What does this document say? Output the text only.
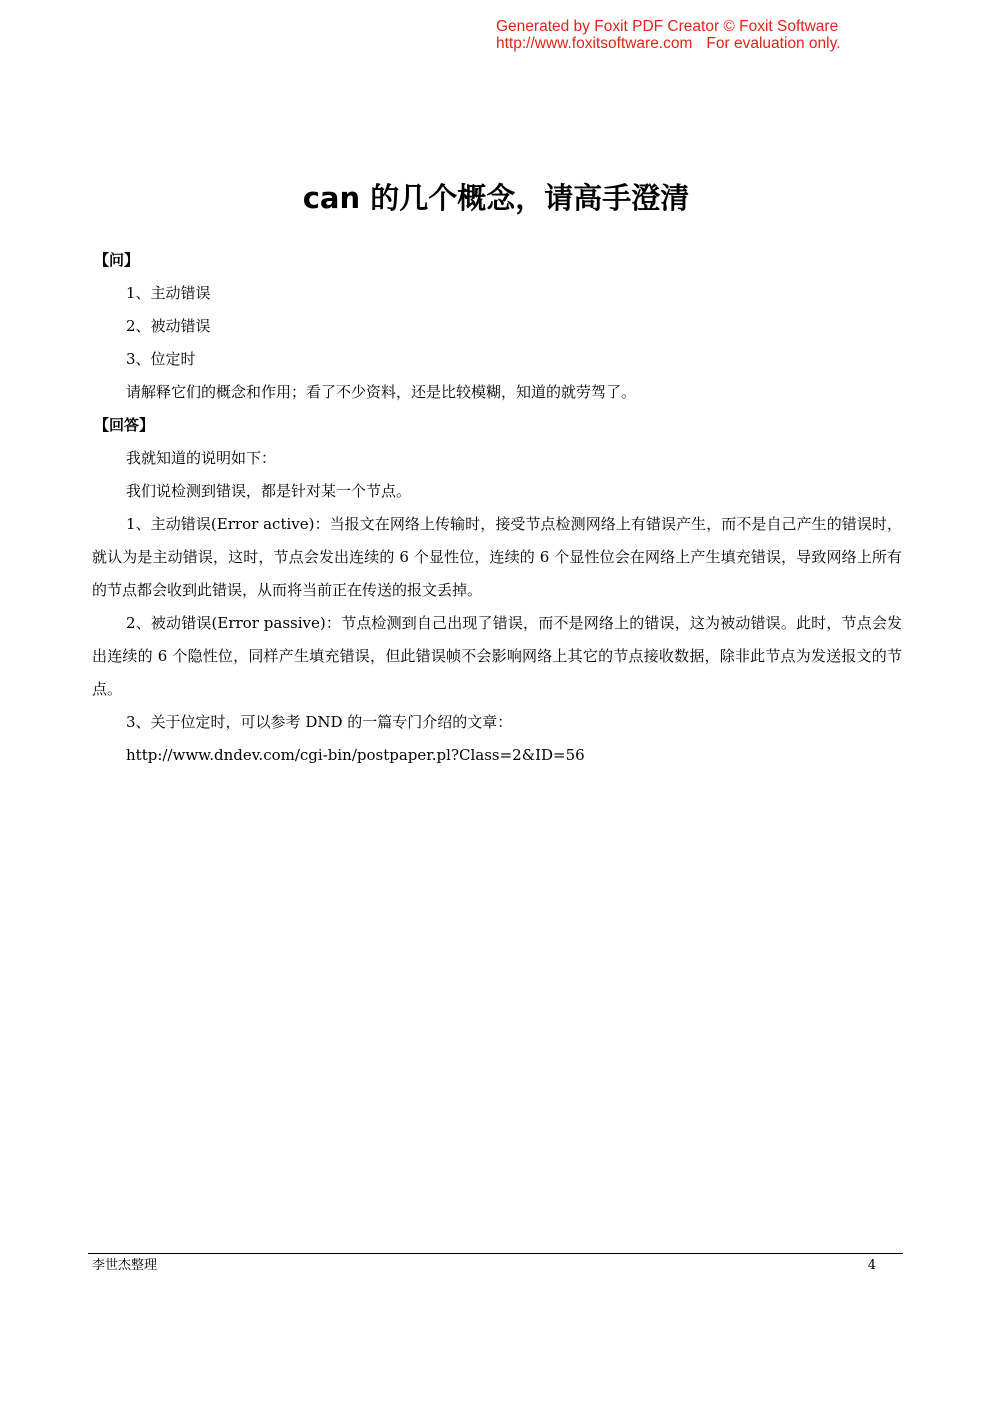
Generated by Foxit PDF Creator © Foxit Software
http://www.foxitsoftware.com For evaluation only.
can 的几个概念，请高手澄清

【问】

1、主动错误

2、被动错误

3、位定时

请解释它们的概念和作用；看了不少资料，还是比较模糊，知道的就劳驾了。

【回答】

我就知道的说明如下：

我们说检测到错误，都是针对某一个节点。

1、主动错误(Error active)：当报文在网络上传输时，接受节点检测网络上有错误产生，而不是自己产生的错误时，就认为是主动错误，这时，节点会发出连续的 6 个显性位，连续的 6 个显性位会在网络上产生填充错误，导致网络上所有的节点都会收到此错误，从而将当前正在传送的报文丢掉。

2、被动错误(Error passive)：节点检测到自己出现了错误，而不是网络上的错误，这为被动错误。此时，节点会发出连续的 6 个隐性位，同样产生填充错误，但此错误帧不会影响网络上其它的节点接收数据，除非此节点为发送报文的节点。

3、关于位定时，可以参考 DND 的一篇专门介绍的文章：

http://www.dndev.com/cgi-bin/postpaper.pl?Class=2&ID=56

李世杰整理	4
